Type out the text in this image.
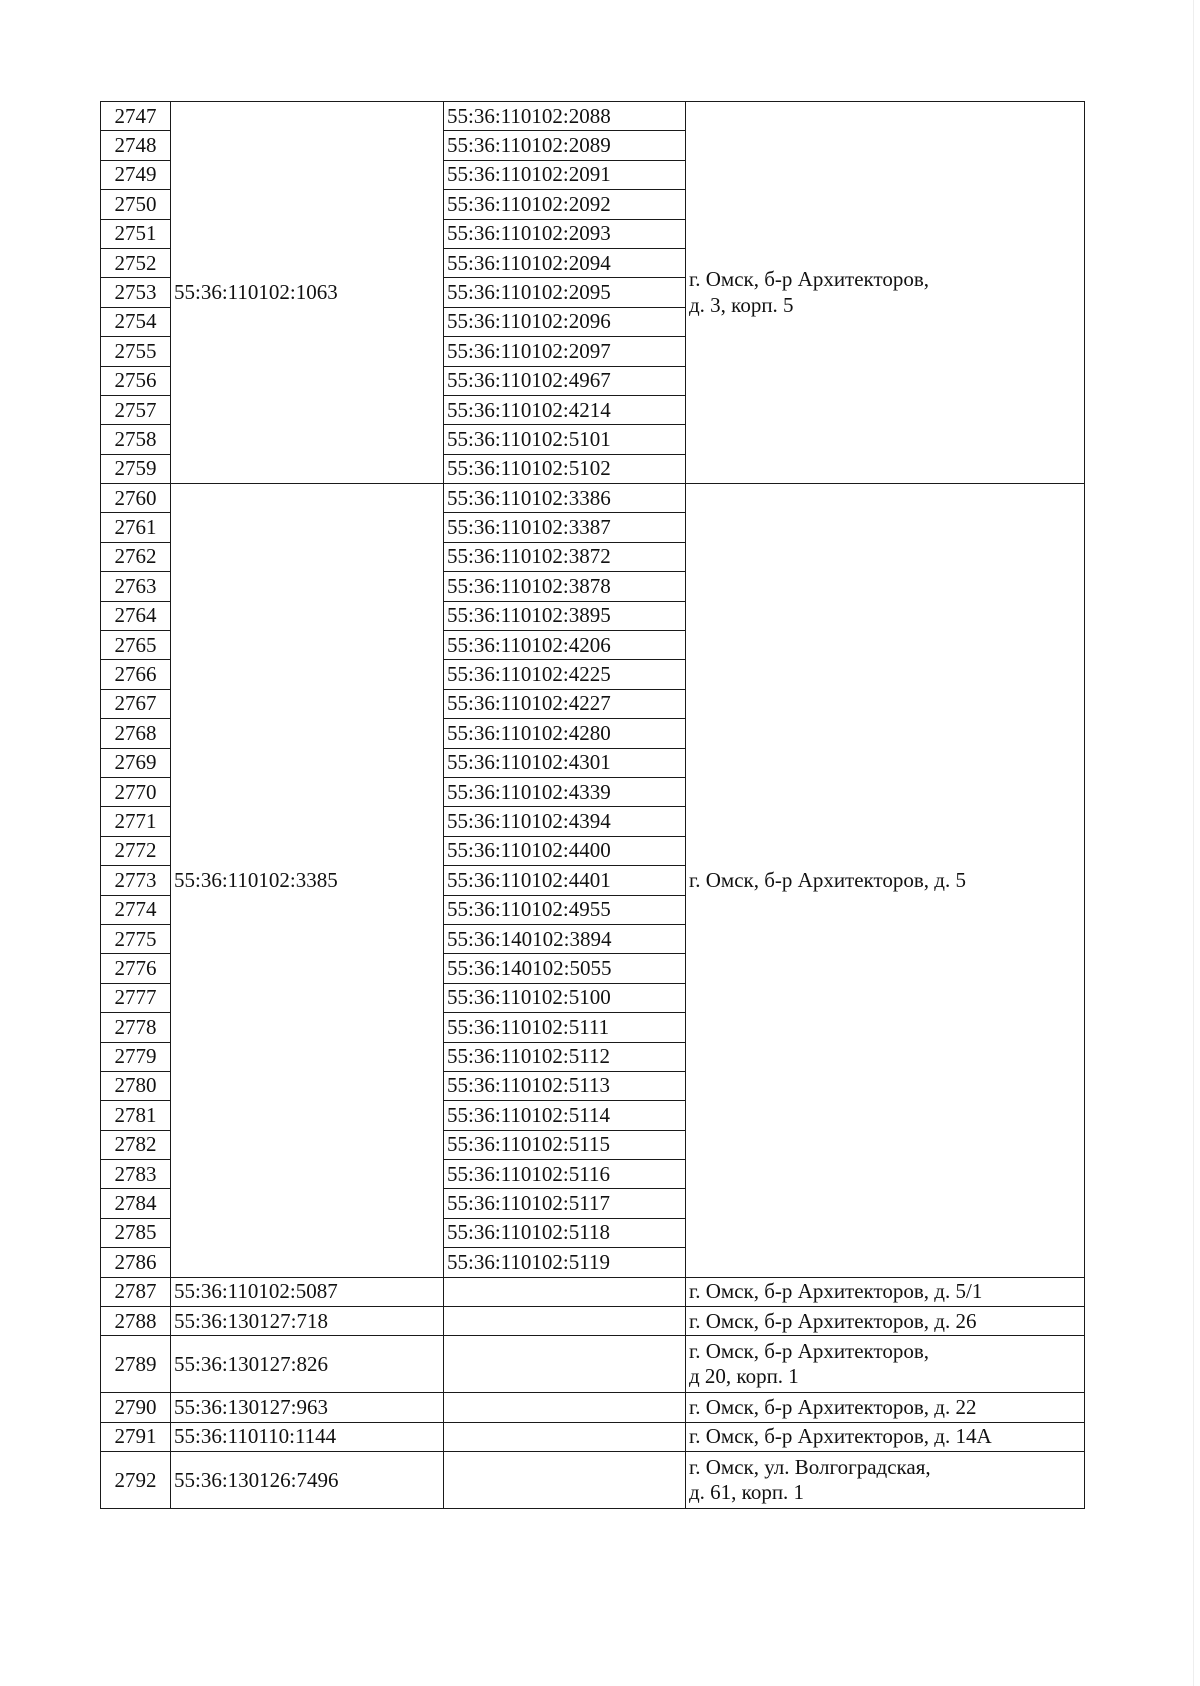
2747	55:36:110102:1063	55:36:110102:2088	г. Омск, б-р Архитекторов,
д. 3, корп. 5

2748		55:36:110102:2089	
2749		55:36:110102:2091	
2750		55:36:110102:2092	
2751		55:36:110102:2093	
2752		55:36:110102:2094	
2753		55:36:110102:2095	
2754		55:36:110102:2096	
2755		55:36:110102:2097	
2756		55:36:110102:4967	
2757		55:36:110102:4214	
2758		55:36:110102:5101	
2759		55:36:110102:5102	
2760	55:36:110102:3385	55:36:110102:3386	г. Омск, б-р Архитекторов, д. 5

2761		55:36:110102:3387	
2762		55:36:110102:3872	
2763		55:36:110102:3878	
2764		55:36:110102:3895	
2765		55:36:110102:4206	
2766		55:36:110102:4225	
2767		55:36:110102:4227	
2768		55:36:110102:4280	
2769		55:36:110102:4301	
2770		55:36:110102:4339	
2771		55:36:110102:4394	
2772		55:36:110102:4400	
2773		55:36:110102:4401	
2774		55:36:110102:4955	
2775		55:36:140102:3894	
2776		55:36:140102:5055	
2777		55:36:110102:5100	
2778		55:36:110102:5111	
2779		55:36:110102:5112	
2780		55:36:110102:5113	
2781		55:36:110102:5114	
2782		55:36:110102:5115	
2783		55:36:110102:5116	
2784		55:36:110102:5117	
2785		55:36:110102:5118	
2786		55:36:110102:5119	
2787	55:36:110102:5087		г. Омск, б-р Архитекторов, д. 5/1

2788	55:36:130127:718		г. Омск, б-р Архитекторов, д. 26

2789	55:36:130127:826		г. Омск, б-р Архитекторов,
д 20, корп. 1

2790	55:36:130127:963		г. Омск, б-р Архитекторов, д. 22

2791	55:36:110110:1144		г. Омск, б-р Архитекторов, д. 14А

2792	55:36:130126:7496		г. Омск, ул. Волгоградская,
д. 61, корп. 1
